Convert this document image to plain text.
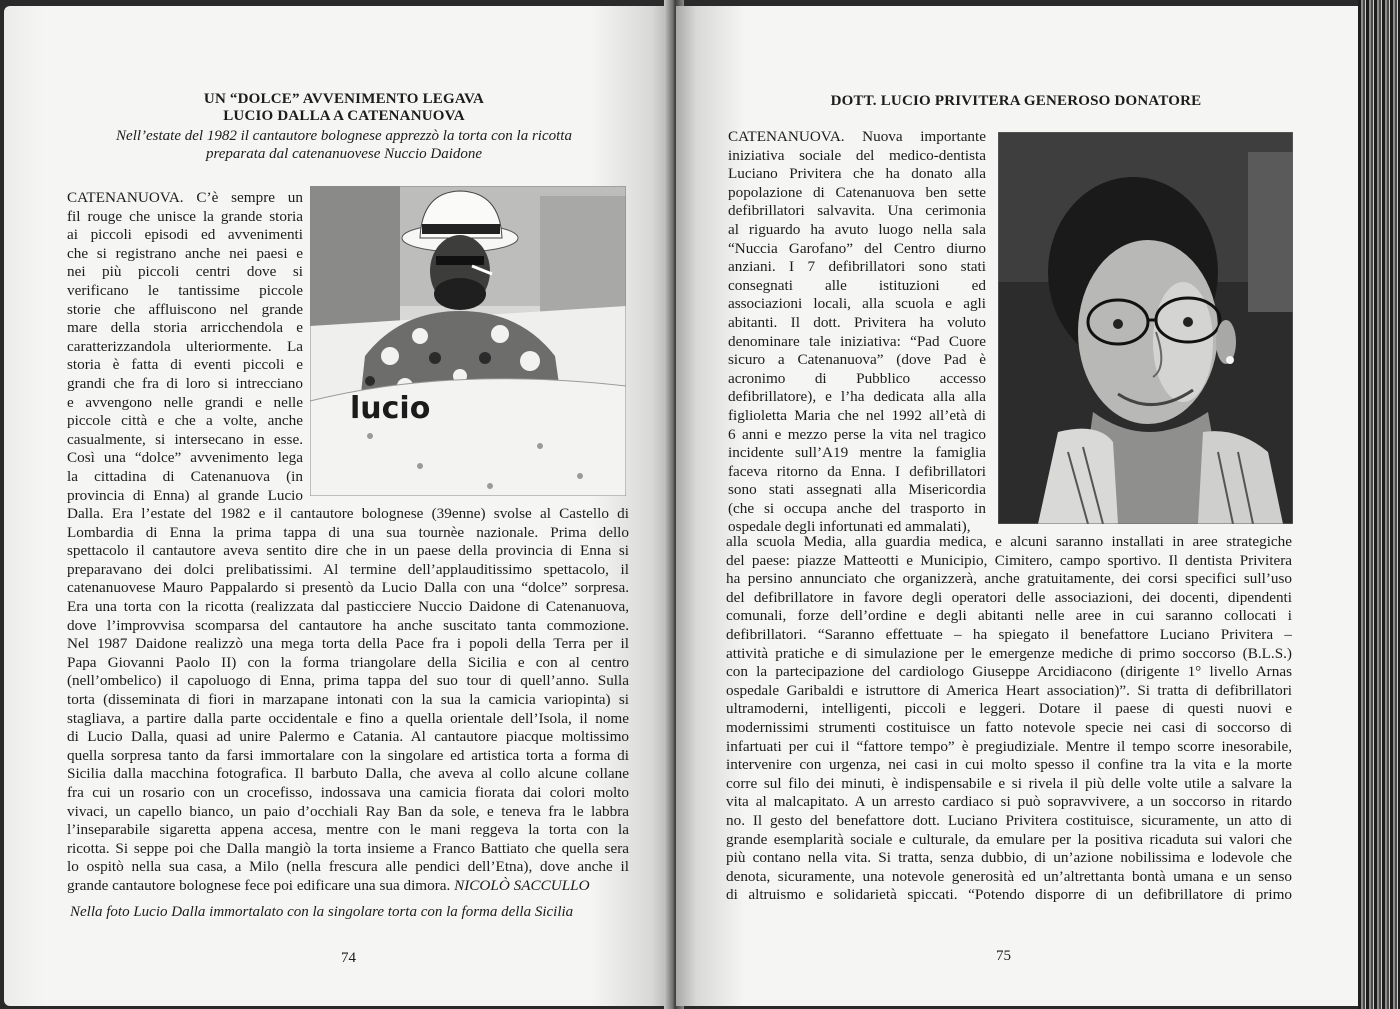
UN “DOLCE” AVVENIMENTO LEGAVA
LUCIO DALLA A CATENANUOVA
Nell’estate del 1982 il cantautore bolognese apprezzò la torta con la ricotta
preparata dal catenanuovese Nuccio Daidone
lucio
CATENANUOVA. C’è sempre un
fil rouge che unisce la grande storia
ai piccoli episodi ed avvenimenti
che si registrano anche nei paesi e
nei più piccoli centri dove si
verificano le tantissime piccole
storie che affluiscono nel grande
mare della storia arricchendola e
caratterizzandola ulteriormente. La
storia è fatta di eventi piccoli e
grandi che fra di loro si intrecciano
e avvengono nelle grandi e nelle
piccole città e che a volte, anche
casualmente, si intersecano in esse.
Così una “dolce” avvenimento lega
la cittadina di Catenanuova (in
provincia di Enna) al grande Lucio
Dalla. Era l’estate del 1982 e il cantautore bolognese (39enne) svolse al Castello di
Lombardia di Enna la prima tappa di una sua tournèe nazionale. Prima dello
spettacolo il cantautore aveva sentito dire che in un paese della provincia di Enna si
preparavano dei dolci prelibatissimi. Al termine dell’applauditissimo spettacolo, il
catenanuovese Mauro Pappalardo si presentò da Lucio Dalla con una “dolce” sorpresa.
Era una torta con la ricotta (realizzata dal pasticciere Nuccio Daidone di Catenanuova,
dove l’improvvisa scomparsa del cantautore ha anche suscitato tanta commozione.
Nel 1987 Daidone realizzò una mega torta della Pace fra i popoli della Terra per il
Papa Giovanni Paolo II) con la forma triangolare della Sicilia e con al centro
(nell’ombelico) il capoluogo di Enna, prima tappa del suo tour di quell’anno. Sulla
torta (disseminata di fiori in marzapane intonati con la sua la camicia variopinta) si
stagliava, a partire dalla parte occidentale e fino a quella orientale dell’Isola, il nome
di Lucio Dalla, quasi ad unire Palermo e Catania. Al cantautore piacque moltissimo
quella sorpresa tanto da farsi immortalare con la singolare ed artistica torta a forma di
Sicilia dalla macchina fotografica. Il barbuto Dalla, che aveva al collo alcune collane
fra cui un rosario con un crocefisso, indossava una camicia fiorata dai colori molto
vivaci, un capello bianco, un paio d’occhiali Ray Ban da sole, e teneva fra le labbra
l’inseparabile sigaretta appena accesa, mentre con le mani reggeva la torta con la
ricotta. Si seppe poi che Dalla mangiò la torta insieme a Franco Battiato che quella sera
lo ospitò nella sua casa, a Milo (nella frescura alle pendici dell’Etna), dove anche il
grande cantautore bolognese fece poi edificare una sua dimora. NICOLÒ SACCULLO
Nella foto Lucio Dalla immortalato con la singolare torta con la forma della Sicilia
74
DOTT. LUCIO PRIVITERA GENEROSO DONATORE
CATENANUOVA. Nuova importante
iniziativa sociale del medico-dentista
Luciano Privitera che ha donato alla
popolazione di Catenanuova ben sette
defibrillatori salvavita. Una cerimonia
al riguardo ha avuto luogo nella sala
“Nuccia Garofano” del Centro diurno
anziani. I 7 defibrillatori sono stati
consegnati alle istituzioni ed
associazioni locali, alla scuola e agli
abitanti. Il dott. Privitera ha voluto
denominare tale iniziativa: “Pad Cuore
sicuro a Catenanuova” (dove Pad è
acronimo di Pubblico accesso
defibrillatore), e l’ha dedicata alla alla
figlioletta Maria che nel 1992 all’età di
6 anni e mezzo perse la vita nel tragico
incidente sull’A19 mentre la famiglia
faceva ritorno da Enna. I defibrillatori
sono stati assegnati alla Misericordia
(che si occupa anche del trasporto in
ospedale degli infortunati ed ammalati),
alla scuola Media, alla guardia medica, e alcuni saranno installati in aree strategiche
del paese: piazze Matteotti e Municipio, Cimitero, campo sportivo. Il dentista Privitera
ha persino annunciato che organizzerà, anche gratuitamente, dei corsi specifici sull’uso
del defibrillatore in favore degli operatori delle associazioni, dei docenti, dipendenti
comunali, forze dell’ordine e degli abitanti nelle aree in cui saranno collocati i
defibrillatori. “Saranno effettuate – ha spiegato il benefattore Luciano Privitera –
attività pratiche e di simulazione per le emergenze mediche di primo soccorso (B.L.S.)
con la partecipazione del cardiologo Giuseppe Arcidiacono (dirigente 1° livello Arnas
ospedale Garibaldi e istruttore di America Heart association)”. Si tratta di defibrillatori
ultramoderni, intelligenti, piccoli e leggeri. Dotare il paese di questi nuovi e
modernissimi strumenti costituisce un fatto notevole specie nei casi di soccorso di
infartuati per cui il “fattore tempo” è pregiudiziale. Mentre il tempo scorre inesorabile,
intervenire con urgenza, nei casi in cui molto spesso il confine tra la vita e la morte
corre sul filo dei minuti, è indispensabile e si rivela il più delle volte utile a salvare la
vita al malcapitato. A un arresto cardiaco si può sopravvivere, a un soccorso in ritardo
no. Il gesto del benefattore dott. Luciano Privitera costituisce, sicuramente, un atto di
grande esemplarità sociale e culturale, da emulare per la positiva ricaduta sui valori che
più contano nella vita. Si tratta, senza dubbio, di un’azione nobilissima e lodevole che
denota, sicuramente, una notevole generosità ed un’altrettanta bontà umana e un senso
di altruismo e solidarietà spiccati. “Potendo disporre di un defibrillatore di primo
75
